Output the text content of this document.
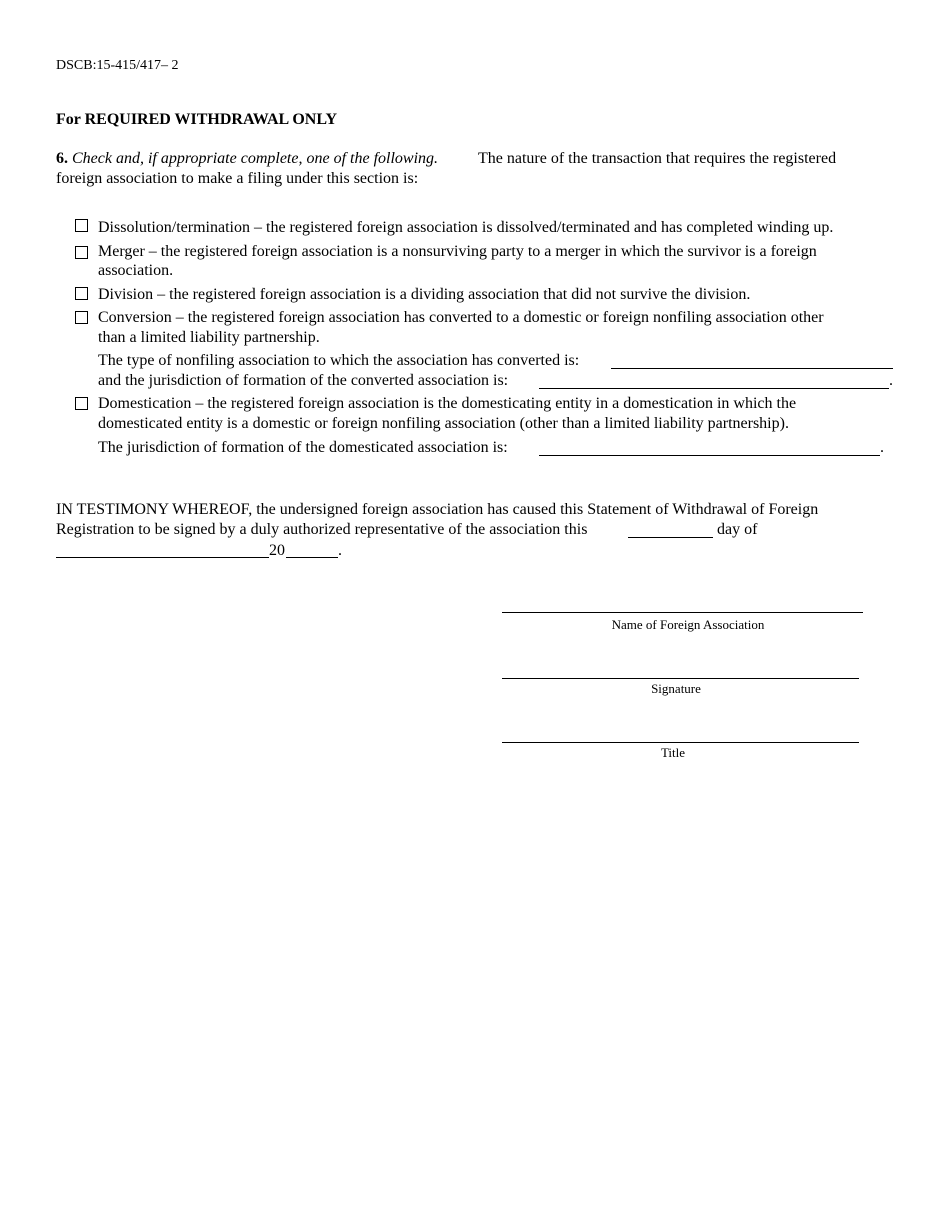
DSCB:15-415/417– 2
For REQUIRED WITHDRAWAL ONLY
6. Check and, if appropriate complete, one of the following. The nature of the transaction that requires the registered
foreign association to make a filing under this section is:
Dissolution/termination – the registered foreign association is dissolved/terminated and has completed winding up.
Merger – the registered foreign association is a nonsurviving party to a merger in which the survivor is a foreign
association.
Division – the registered foreign association is a dividing association that did not survive the division.
Conversion – the registered foreign association has converted to a domestic or foreign nonfiling association other
than a limited liability partnership.
The type of nonfiling association to which the association has converted is:
and the jurisdiction of formation of the converted association is:	.
Domestication – the registered foreign association is the domesticating entity in a domestication in which the
domesticated entity is a domestic or foreign nonfiling association (other than a limited liability partnership).
The jurisdiction of formation of the domesticated association is:	.
IN TESTIMONY WHEREOF, the undersigned foreign association has caused this Statement of Withdrawal of Foreign
Registration to be signed by a duly authorized representative of the association this	day of
20	.
Name of Foreign Association
Signature
Title
